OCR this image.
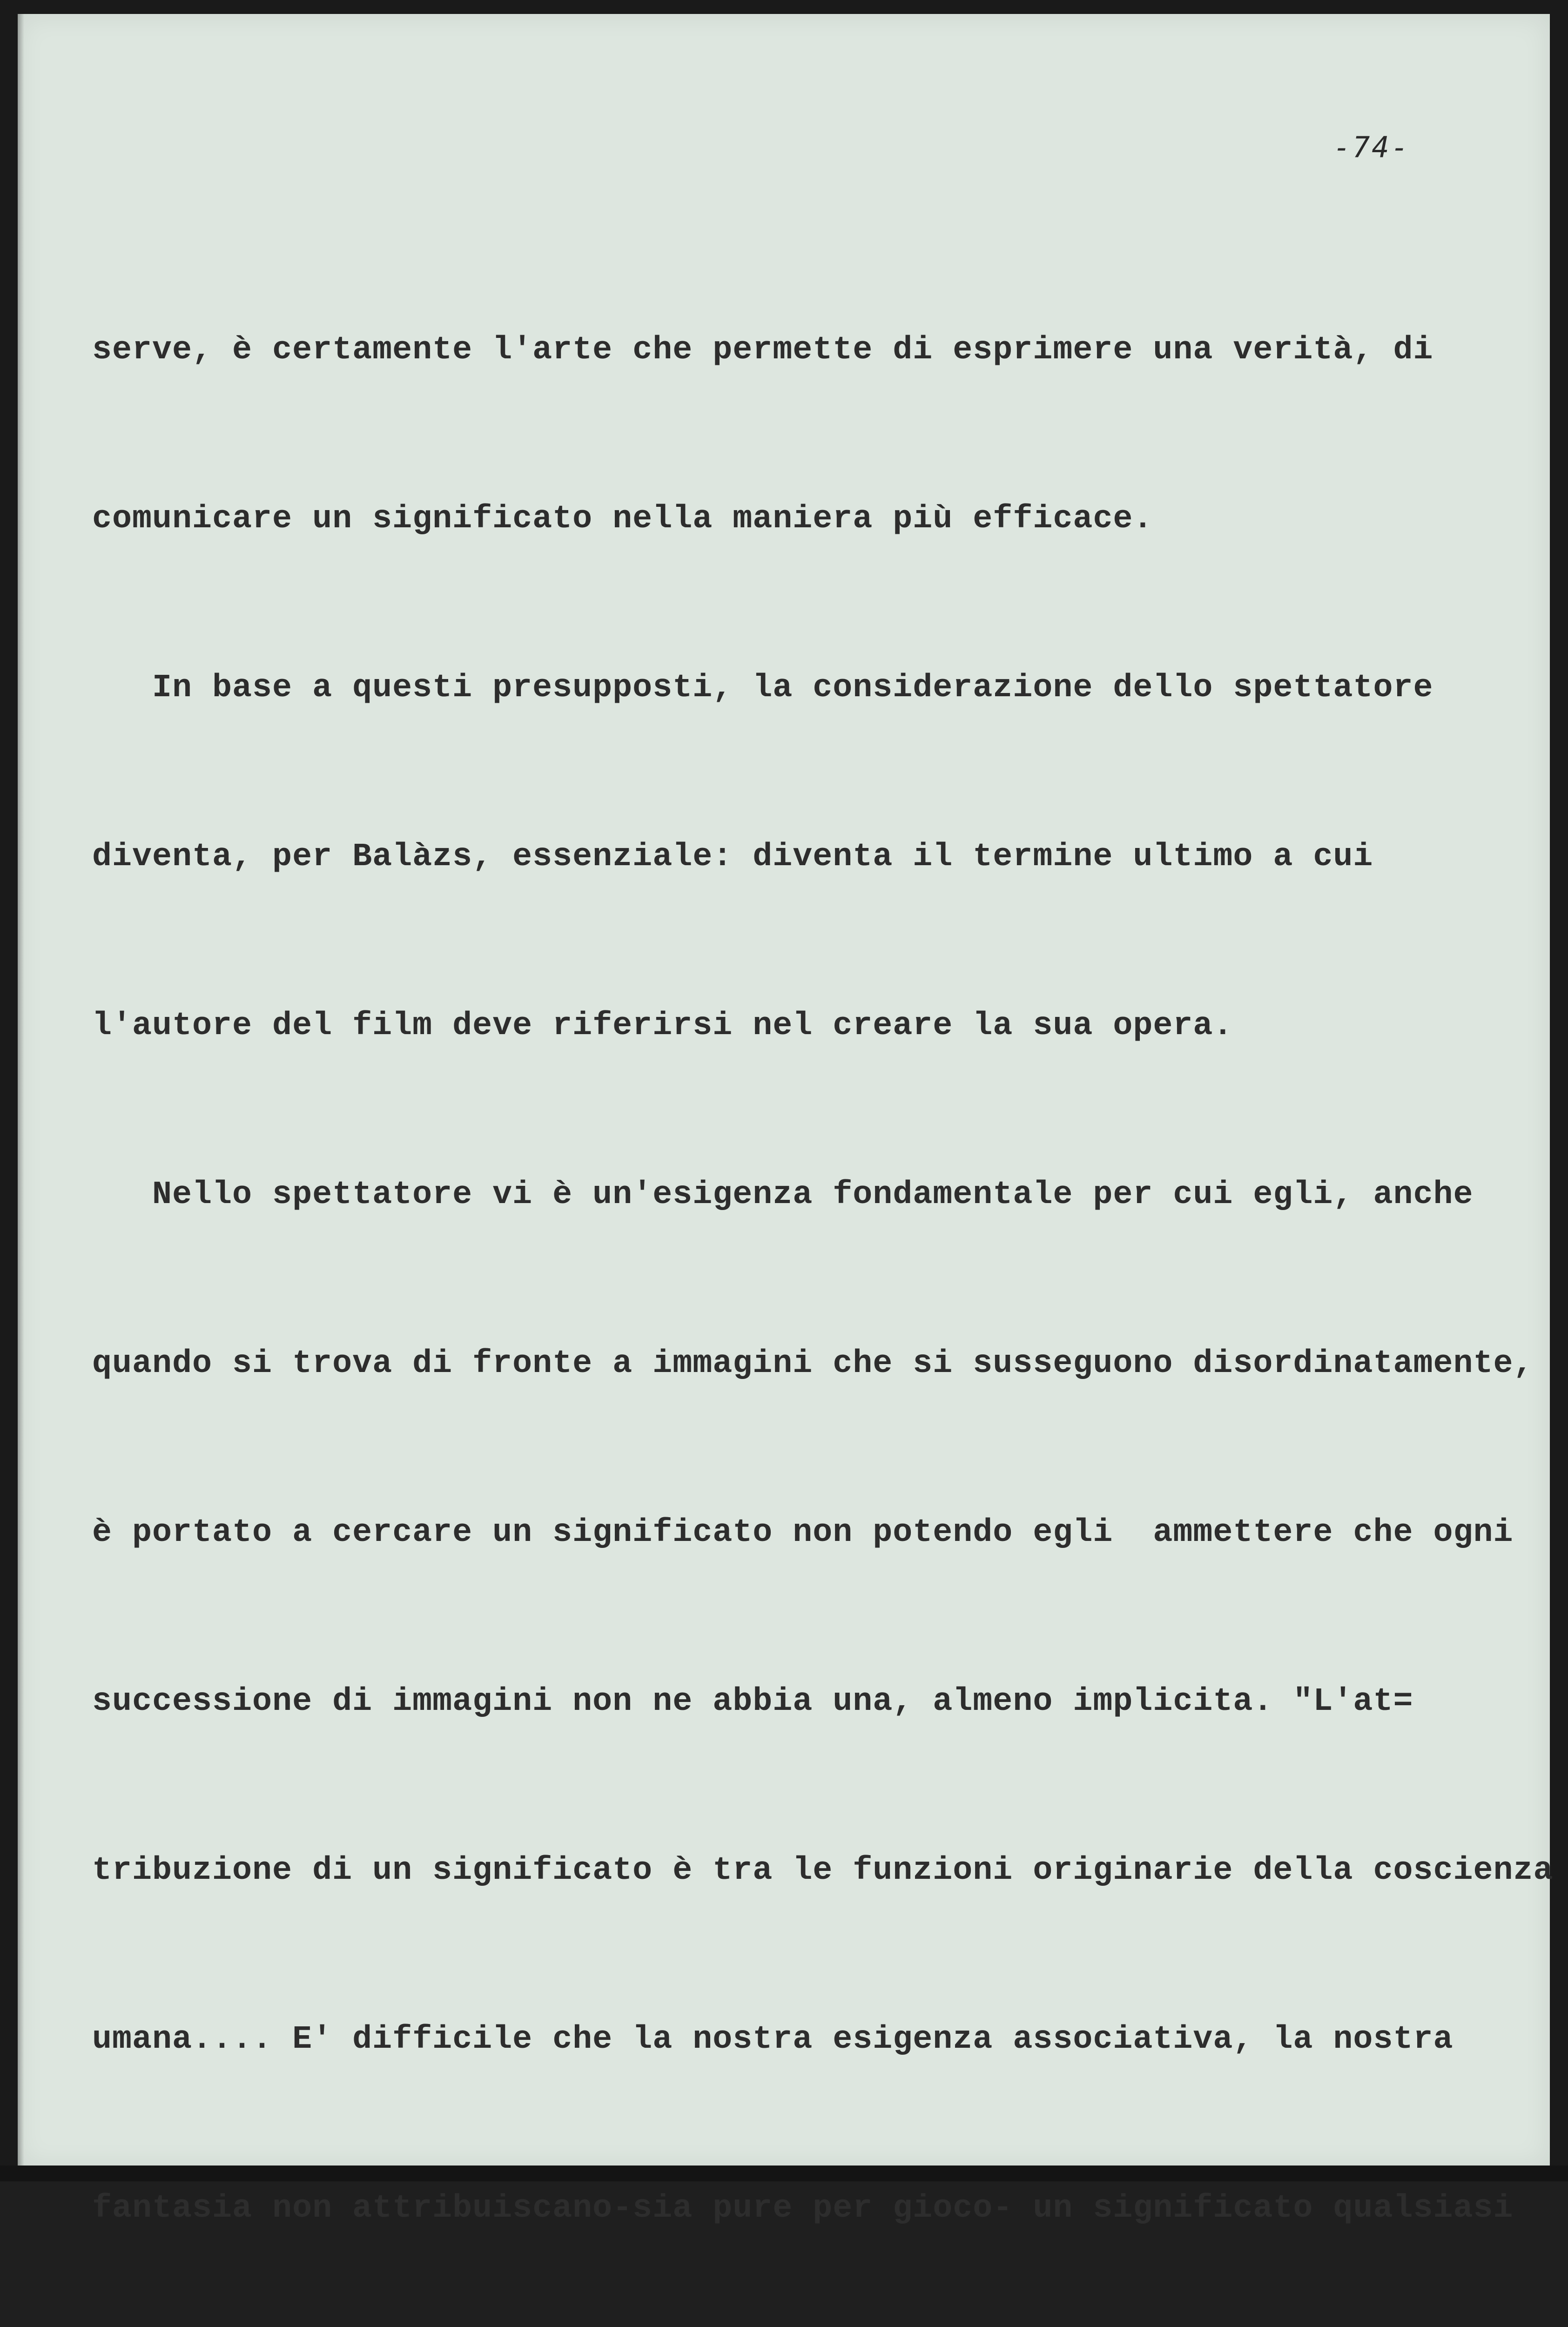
-74-

serve, è certamente l'arte che permette di esprimere una verità, di

comunicare un significato nella maniera più efficace.

In base a questi presupposti, la considerazione dello spettatore

diventa, per Balàzs, essenziale: diventa il termine ultimo a cui

l'autore del film deve riferirsi nel creare la sua opera.

Nello spettatore vi è un'esigenza fondamentale per cui egli, anche

quando si trova di fronte a immagini che si susseguono disordinatamente,

è portato a cercare un significato non potendo egli  ammettere che ogni

successione di immagini non ne abbia una, almeno implicita. "L'at=

tribuzione di un significato è tra le funzioni originarie della coscienza

umana.... E' difficile che la nostra esigenza associativa, la nostra

fantasia non attribuiscano-sia pure per gioco- un significato qualsiasi
